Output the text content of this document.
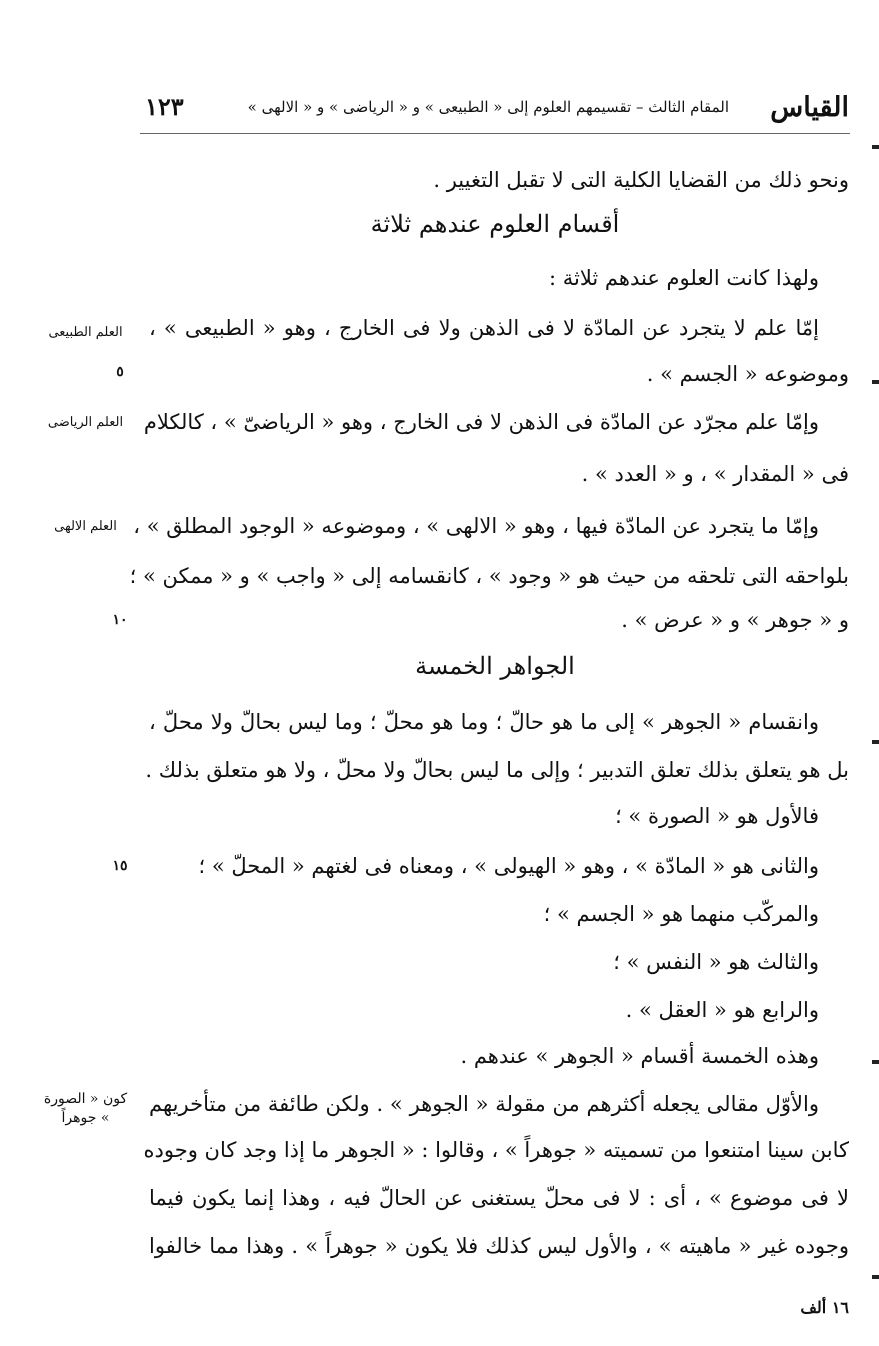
القياس
المقام الثالث – تقسيمهم العلوم إلى « الطبيعى » و « الرياضى » و « الالهى »
١٢٣
ونحو ذلك من القضايا الكلية التى لا تقبل التغيير .
أقسام العلوم عندهم ثلاثة
ولهذا كانت العلوم عندهم ثلاثة :
إمّا علم لا يتجرد عن المادّة لا فى الذهن ولا فى الخارج ، وهو « الطبيعى » ،
وموضوعه « الجسم » .
وإمّا علم مجرّد عن المادّة فى الذهن لا فى الخارج ، وهو « الرياضىّ » ، كالكلام
فى « المقدار » ، و « العدد » .
وإمّا ما يتجرد عن المادّة فيها ، وهو « الالهى » ، وموضوعه « الوجود المطلق » ،
بلواحقه التى تلحقه من حيث هو « وجود » ، كانقسامه إلى « واجب » و « ممكن » ؛
و « جوهر » و « عرض » .
الجواهر الخمسة
وانقسام « الجوهر » إلى ما هو حالّ ؛ وما هو محلّ ؛ وما ليس بحالّ ولا محلّ ،
بل هو يتعلق بذلك تعلق التدبير ؛ وإلى ما ليس بحالّ ولا محلّ ، ولا هو متعلق بذلك .
فالأول هو « الصورة » ؛
والثانى هو « المادّة » ، وهو « الهيولى » ، ومعناه فى لغتهم « المحلّ » ؛
والمركّب منهما هو « الجسم » ؛
والثالث هو « النفس » ؛
والرابع هو « العقل » .
وهذه الخمسة أقسام « الجوهر » عندهم .
والأوّل مقالى يجعله أكثرهم من مقولة « الجوهر » . ولكن طائفة من متأخريهم
كابن سينا امتنعوا من تسميته « جوهراً » ، وقالوا : « الجوهر ما إذا وجد كان وجوده
لا فى موضوع » ، أى : لا فى محلّ يستغنى عن الحالّ فيه ، وهذا إنما يكون فيما
وجوده غير « ماهيته » ، والأول ليس كذلك فلا يكون « جوهراً » . وهذا مما خالفوا
العلم الطبيعى
العلم الرياضى
العلم الالهى
كون « الصورة » جوهراً
٥
١٠
١٥
١٦ ألف
